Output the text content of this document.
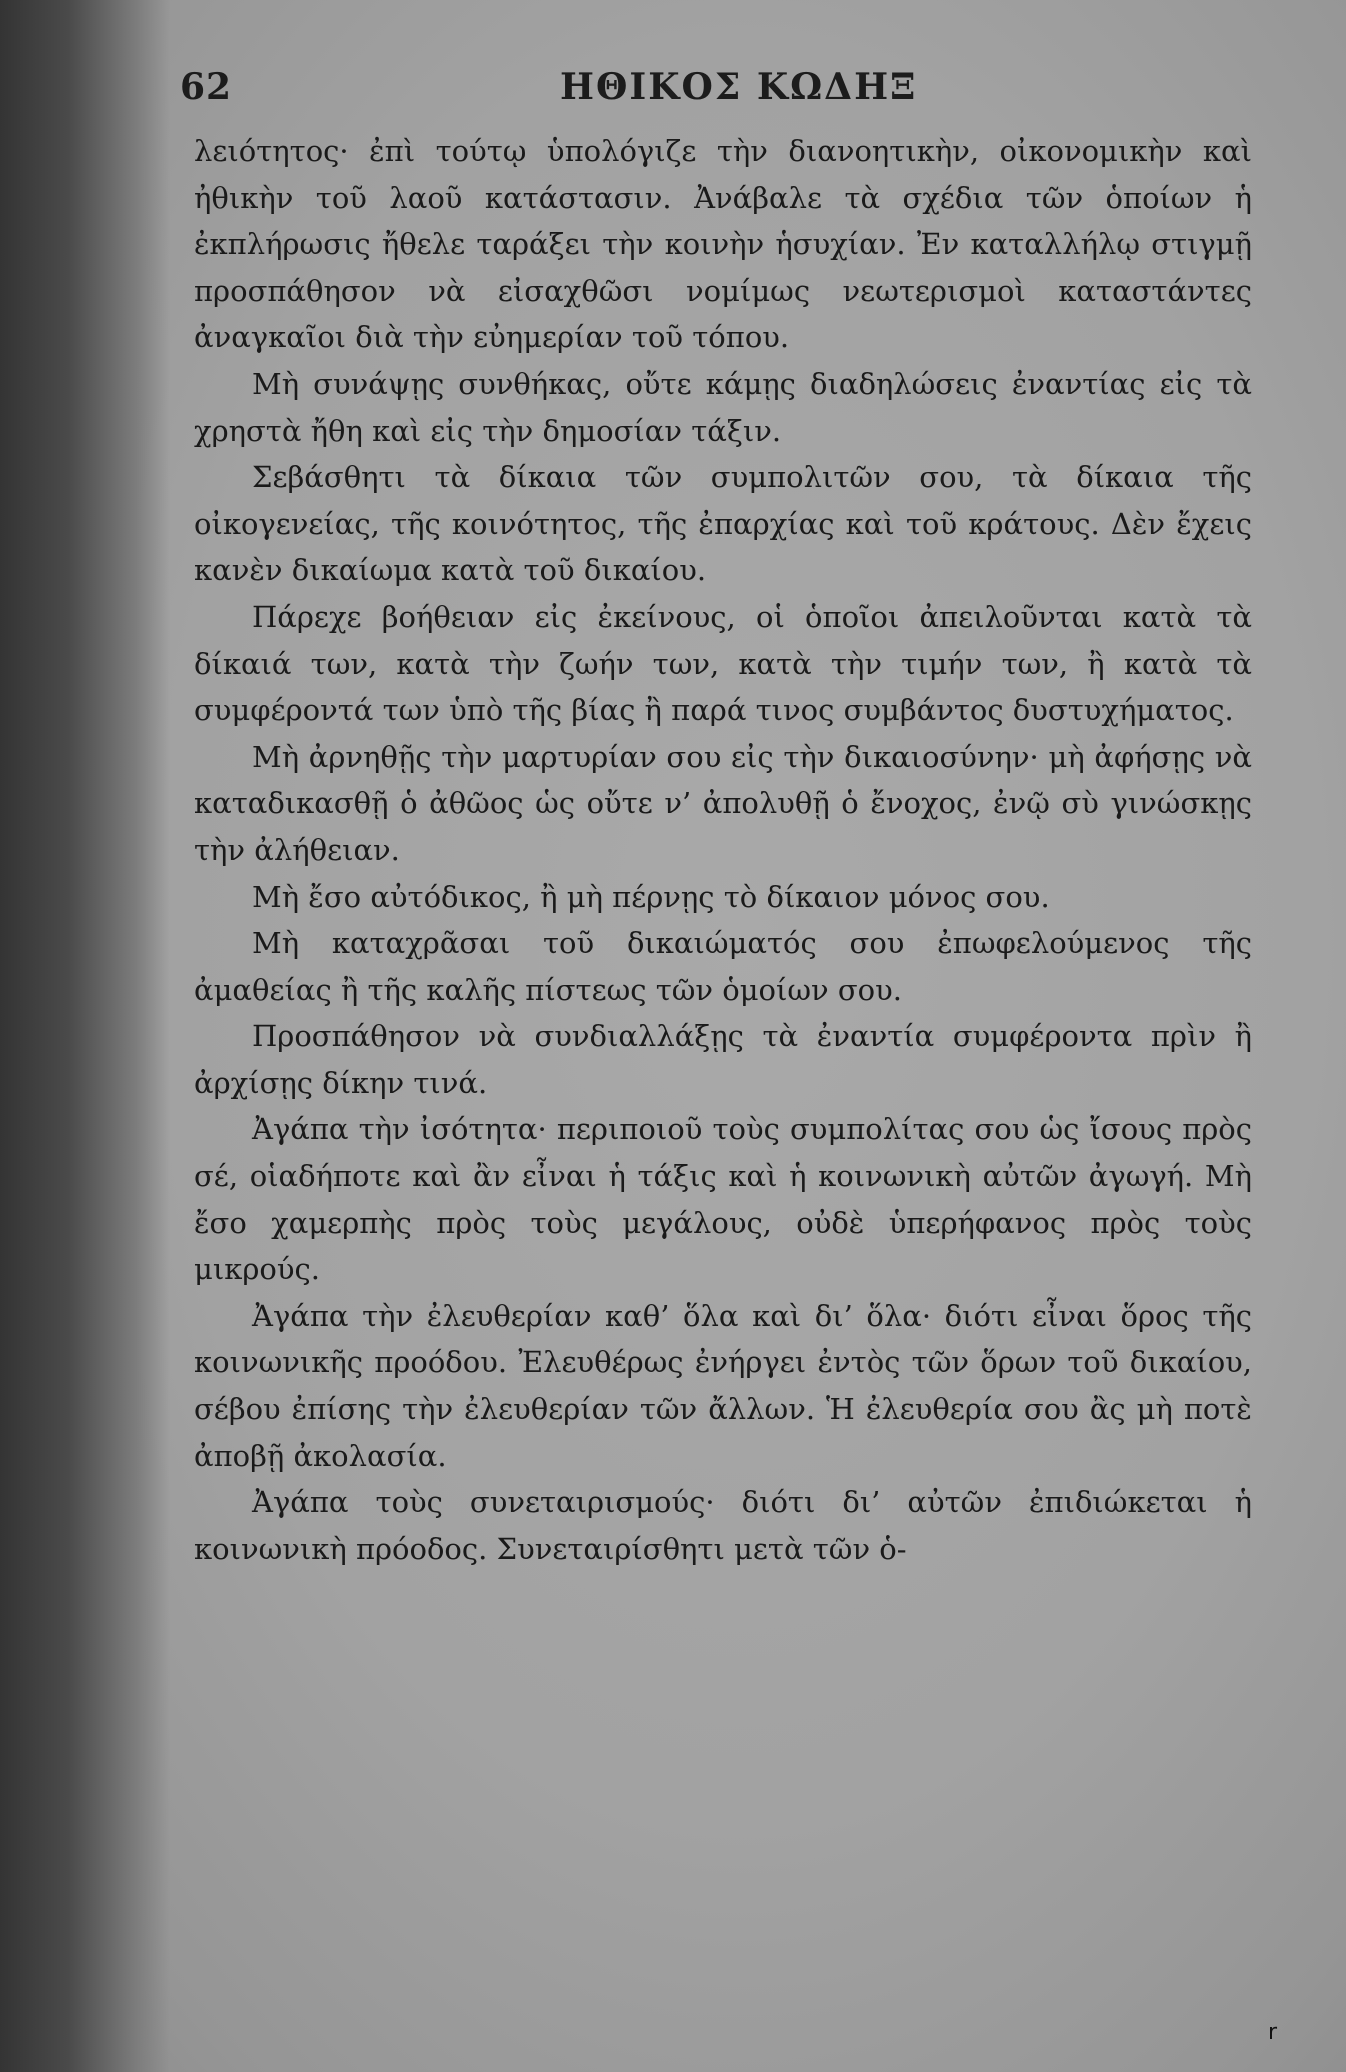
62	ΗΘΙΚΟΣ ΚΩΔΗΞ

λειότητος· ἐπὶ τούτῳ ὑπολόγιζε τὴν διανοητικὴν, οἰκονομικὴν καὶ ἠθικὴν τοῦ λαοῦ κατάστασιν. Ἀνάβαλε τὰ σχέδια τῶν ὁποίων ἡ ἐκπλήρωσις ἤθελε ταράξει τὴν κοινὴν ἡσυχίαν. Ἐν καταλλήλῳ στιγμῇ προσπάθησον νὰ εἰσαχθῶσι νομίμως νεωτερισμοὶ καταστάντες ἀναγκαῖοι διὰ τὴν εὐημερίαν τοῦ τόπου.

Μὴ συνάψῃς συνθήκας, οὔτε κάμῃς διαδηλώσεις ἐναντίας εἰς τὰ χρηστὰ ἤθη καὶ εἰς τὴν δημοσίαν τάξιν.

Σεβάσθητι τὰ δίκαια τῶν συμπολιτῶν σου, τὰ δίκαια τῆς οἰκογενείας, τῆς κοινότητος, τῆς ἐπαρχίας καὶ τοῦ κράτους. Δὲν ἔχεις κανὲν δικαίωμα κατὰ τοῦ δικαίου.

Πάρεχε βοήθειαν εἰς ἐκείνους, οἱ ὁποῖοι ἀπειλοῦνται κατὰ τὰ δίκαιά των, κατὰ τὴν ζωήν των, κατὰ τὴν τιμήν των, ἢ κατὰ τὰ συμφέροντά των ὑπὸ τῆς βίας ἢ παρά τινος συμβάντος δυστυχήματος.

Μὴ ἀρνηθῇς τὴν μαρτυρίαν σου εἰς τὴν δικαιοσύνην· μὴ ἀφήσῃς νὰ καταδικασθῇ ὁ ἀθῶος ὡς οὔτε ν’ ἀπολυθῇ ὁ ἔνοχος, ἐνῷ σὺ γινώσκῃς τὴν ἀλήθειαν.

Μὴ ἔσο αὐτόδικος, ἢ μὴ πέρνῃς τὸ δίκαιον μόνος σου.

Μὴ καταχρᾶσαι τοῦ δικαιώματός σου ἐπωφελούμενος τῆς ἀμαθείας ἢ τῆς καλῆς πίστεως τῶν ὁμοίων σου.

Προσπάθησον νὰ συνδιαλλάξῃς τὰ ἐναντία συμφέροντα πρὶν ἢ ἀρχίσῃς δίκην τινά.

Ἀγάπα τὴν ἰσότητα· περιποιοῦ τοὺς συμπολίτας σου ὡς ἴσους πρὸς σέ, οἱαδήποτε καὶ ἂν εἶναι ἡ τάξις καὶ ἡ κοινωνικὴ αὐτῶν ἀγωγή. Μὴ ἔσο χαμερπὴς πρὸς τοὺς μεγάλους, οὐδὲ ὑπερήφανος πρὸς τοὺς μικρούς.

Ἀγάπα τὴν ἐλευθερίαν καθ’ ὅλα καὶ δι’ ὅλα· διότι εἶναι ὅρος τῆς κοινωνικῆς προόδου. Ἐλευθέρως ἐνήργει ἐντὸς τῶν ὅρων τοῦ δικαίου, σέβου ἐπίσης τὴν ἐλευθερίαν τῶν ἄλλων. Ἡ ἐλευθερία σου ἂς μὴ ποτὲ ἀποβῇ ἀκολασία.

Ἀγάπα τοὺς συνεταιρισμούς· διότι δι’ αὐτῶν ἐπιδιώκεται ἡ κοινωνικὴ πρόοδος. Συνεταιρίσθητι μετὰ τῶν ὁ-

r
